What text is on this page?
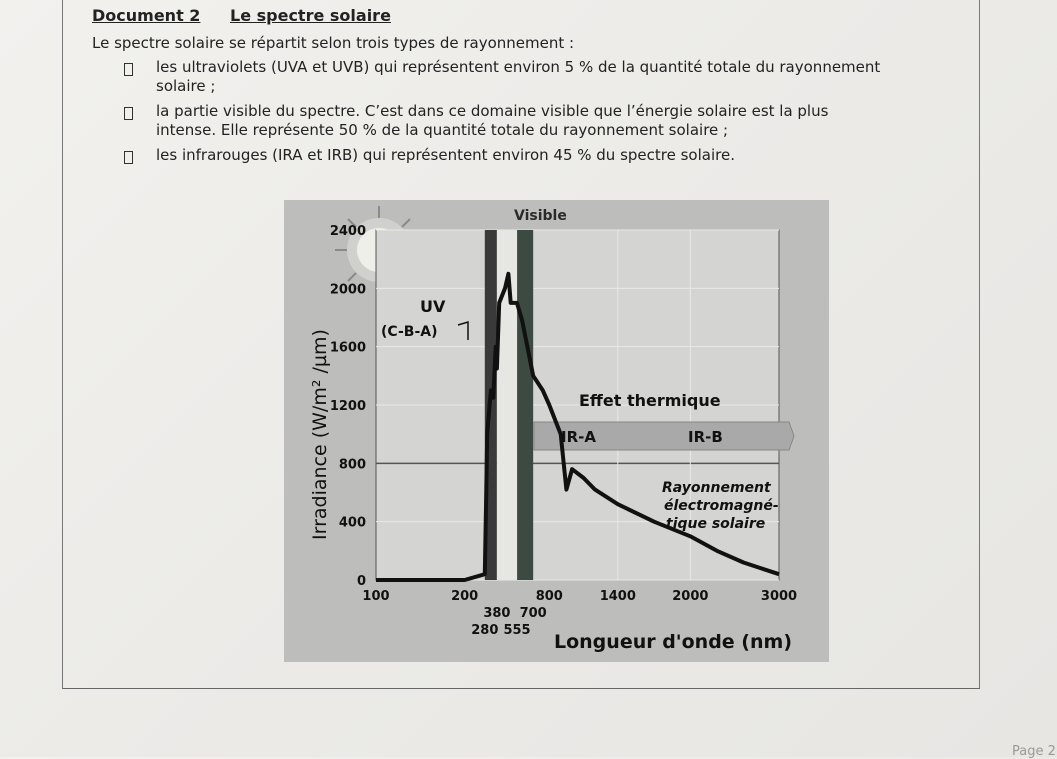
Document 2 Le spectre solaire
Le spectre solaire se répartit selon trois types de rayonnement :
les ultraviolets (UVA et UVB) qui représentent environ 5 % de la quantité totale du rayonnement
solaire ;
la partie visible du spectre. C’est dans ce domaine visible que l’énergie solaire est la plus
intense. Elle représente 50 % de la quantité totale du rayonnement solaire ;
les infrarouges (IRA et IRB) qui représentent environ 45 % du spectre solaire.
0
400
800
1200
1600
2000
2400
100	200	800	1400	2000	3000
380 700
280 555
Visible
UV
(C-B-A)
Effet thermique
IR-A	IR-B
Rayonnement
électromagné-
tique solaire
Longueur d'onde (nm)
Irradiance (W/m² /µm)
Page 2
